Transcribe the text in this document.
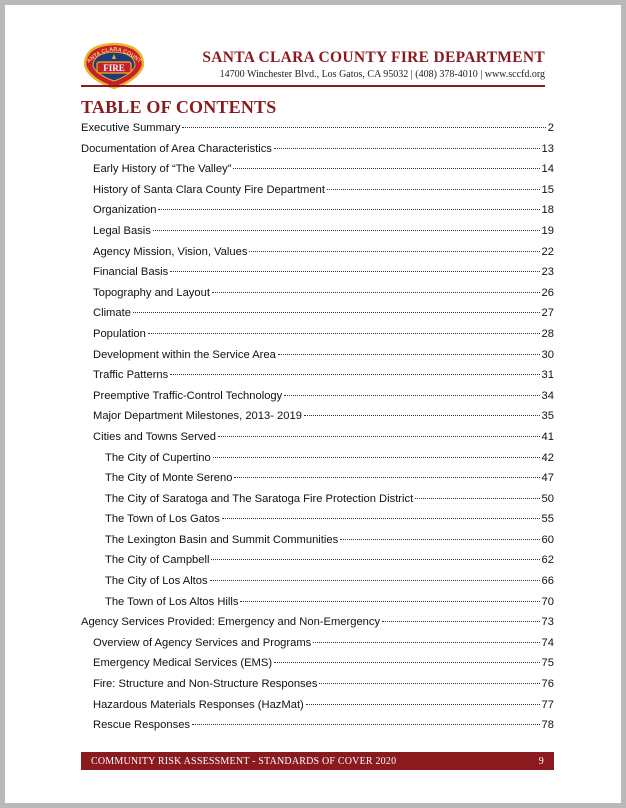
FIRE
ANTA CLARA COUNT	SANTA CLARA COUNTY FIRE DEPARTMENT
14700 Winchester Blvd., Los Gatos, CA 95032 | (408) 378-4010 | www.sccfd.org
TABLE OF CONTENTS
Executive Summary	2
Documentation of Area Characteristics	13
Early History of “The Valley”	14
History of Santa Clara County Fire Department	15
Organization	18
Legal Basis	19
Agency Mission, Vision, Values	22
Financial Basis	23
Topography and Layout	26
Climate	27
Population	28
Development within the Service Area	30
Traffic Patterns	31
Preemptive Traffic-Control Technology	34
Major Department Milestones, 2013- 2019	35
Cities and Towns Served	41
The City of Cupertino	42
The City of Monte Sereno	47
The City of Saratoga and The Saratoga Fire Protection District	50
The Town of Los Gatos	55
The Lexington Basin and Summit Communities	60
The City of Campbell	62
The City of Los Altos	66
The Town of Los Altos Hills	70
Agency Services Provided: Emergency and Non-Emergency	73
Overview of Agency Services and Programs	74
Emergency Medical Services (EMS)	75
Fire: Structure and Non-Structure Responses	76
Hazardous Materials Responses (HazMat)	77
Rescue Responses	78
COMMUNITY RISK ASSESSMENT - STANDARDS OF COVER 2020	9
